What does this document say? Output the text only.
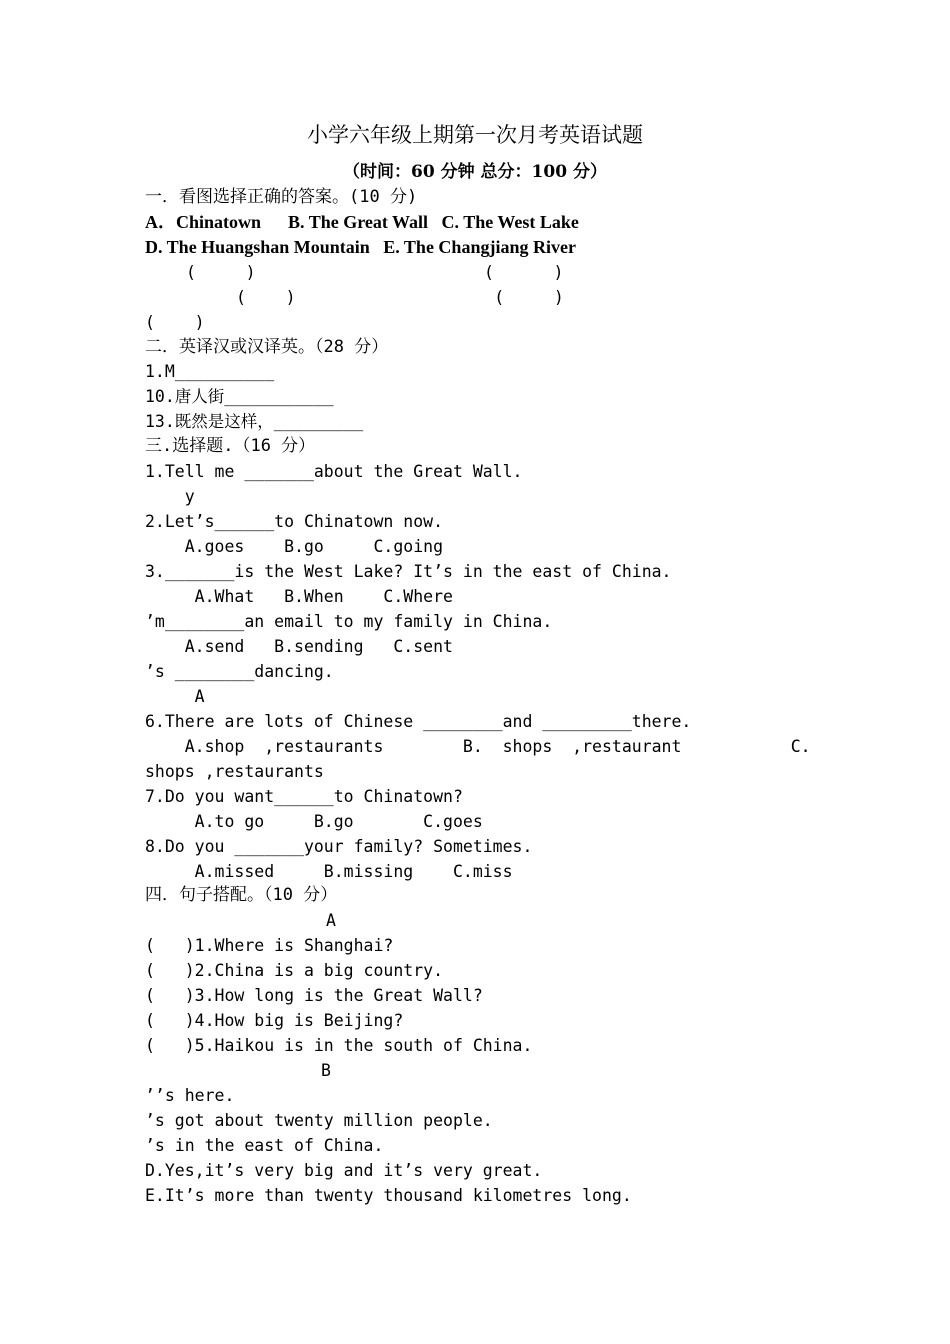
小学六年级上期第一次月考英语试题
（时间：60 分钟 总分：100 分）
一．看图选择正确的答案。(10 分)
A．Chinatown      B. The Great Wall   C. The West Lake
D. The Huangshan Mountain   E. The Changjiang River
(     )                       (      )
(    )                    (     )
(    )
二．英译汉或汉译英。（28 分）
1.M__________
10.唐人街___________
13.既然是这样，_________
三.选择题.（16 分）
1.Tell me _______about the Great Wall.
y
2.Let’s______to Chinatown now.
A.goes    B.go     C.going
3._______is the West Lake? It’s in the east of China.
A.What   B.When    C.Where
’m________an email to my family in China.
A.send   B.sending   C.sent
’s ________dancing.
A
6.There are lots of Chinese ________and _________there.
A.shop  ,restaurants        B.  shops  ,restaurant           C.
shops ,restaurants
7.Do you want______to Chinatown?
A.to go     B.go       C.goes
8.Do you _______your family? Sometimes.
A.missed     B.missing    C.miss
四．句子搭配。（10 分）
A
(   )1.Where is Shanghai?
(   )2.China is a big country.
(   )3.How long is the Great Wall?
(   )4.How big is Beijing?
(   )5.Haikou is in the south of China.
B
’’s here.
’s got about twenty million people.
’s in the east of China.
D.Yes,it’s very big and it’s very great.
E.It’s more than twenty thousand kilometres long.
